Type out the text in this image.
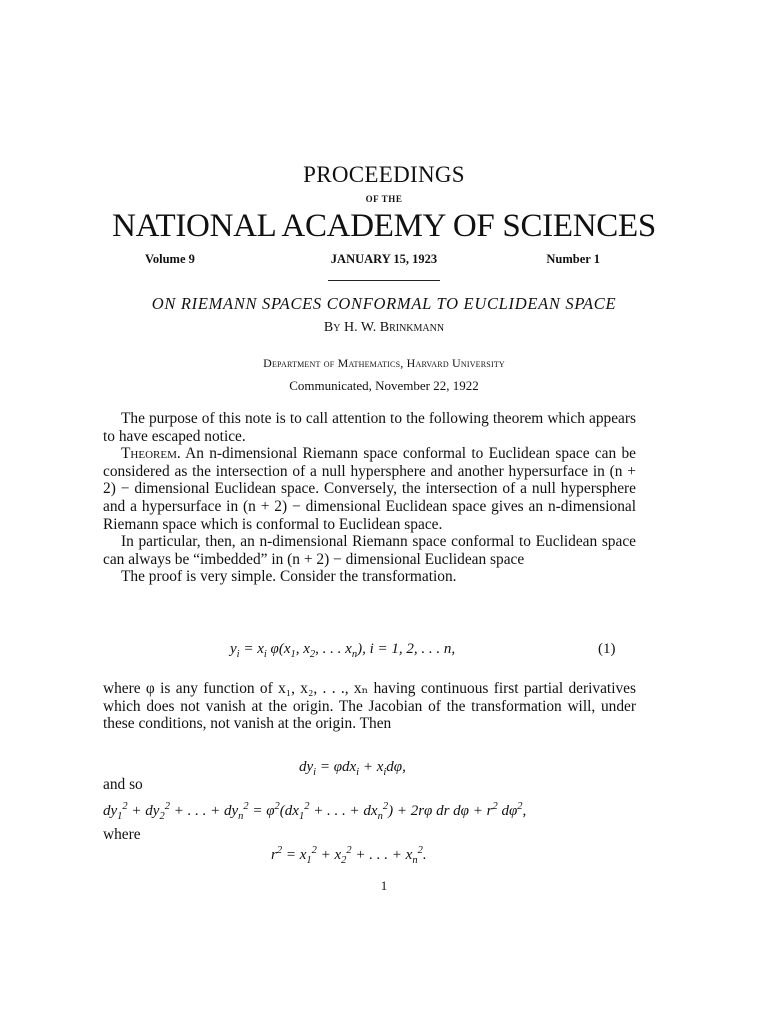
PROCEEDINGS
OF THE
NATIONAL ACADEMY OF SCIENCES
Volume 9	JANUARY 15, 1923	Number 1
ON RIEMANN SPACES CONFORMAL TO EUCLIDEAN SPACE
By H. W. Brinkmann
Department of Mathematics, Harvard University
Communicated, November 22, 1922

The purpose of this note is to call attention to the following theorem which appears to have escaped notice.

Theorem. An n-dimensional Riemann space conformal to Euclidean space can be considered as the intersection of a null hypersphere and another hypersurface in (n + 2) − dimensional Euclidean space. Conversely, the intersection of a null hypersphere and a hypersurface in (n + 2) − dimensional Euclidean space gives an n-dimensional Riemann space which is conformal to Euclidean space.

In particular, then, an n-dimensional Riemann space conformal to Euclidean space can always be “imbedded” in (n + 2) − dimensional Euclidean space

The proof is very simple. Consider the transformation.

$y_i = x_i$ $\varphi(x_1$, $x_2$, . . . $x_n$), i = 1, 2, . . . n,	(1)

where φ is any function of x₁, x₂, . . ., xₙ having continuous first partial derivatives which does not vanish at the origin. The Jacobian of the transformation will, under these conditions, not vanish at the origin. Then

$dy_i = \varphi dx_i + x_id\varphi$,
and so
$dy_1^2 + dy_2^2$ + . . . + $dy_n^2 = \varphi^2(dx_1^2$ + . . . + $dx_n^2) + 2r\varphi$ dr $d\varphi + r^2$ $d\varphi^2$,
where
$r^2 = x_1^2 + x_2^2$ + . . . + $x_n^2$.
1
